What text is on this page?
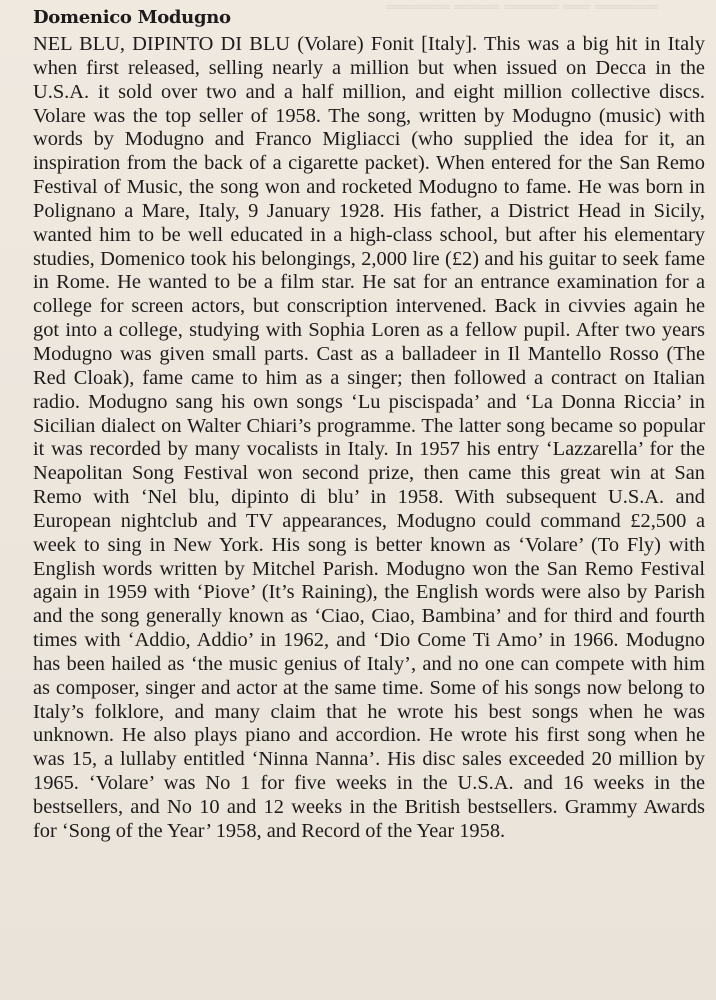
═══════ ═════ ══════ ═══ ═══════
Domenico Modugno

NEL BLU, DIPINTO DI BLU (Volare) Fonit [Italy]. This was a big hit in Italy when first released, selling nearly a million but when issued on Decca in the U.S.A. it sold over two and a half million, and eight million collective discs. Volare was the top seller of 1958. The song, written by Modugno (music) with words by Modugno and Franco Migliacci (who supplied the idea for it, an inspiration from the back of a cigarette packet). When entered for the San Remo Festival of Music, the song won and rocketed Modugno to fame. He was born in Polignano a Mare, Italy, 9 January 1928. His father, a District Head in Sicily, wanted him to be well educated in a high-class school, but after his elementary studies, Domenico took his belongings, 2,000 lire (£2) and his guitar to seek fame in Rome. He wanted to be a film star. He sat for an entrance examination for a college for screen actors, but conscription intervened. Back in civvies again he got into a college, studying with Sophia Loren as a fellow pupil. After two years Modugno was given small parts. Cast as a balladeer in Il Mantello Rosso (The Red Cloak), fame came to him as a singer; then followed a contract on Italian radio. Modugno sang his own songs ‘Lu piscispada’ and ‘La Donna Riccia’ in Sicilian dialect on Walter Chiari’s programme. The latter song became so popular it was recorded by many vocalists in Italy. In 1957 his entry ‘Lazzarella’ for the Neapolitan Song Festival won second prize, then came this great win at San Remo with ‘Nel blu, dipinto di blu’ in 1958. With subsequent U.S.A. and European nightclub and TV appearances, Modugno could command £2,500 a week to sing in New York. His song is better known as ‘Volare’ (To Fly) with English words written by Mitchel Parish. Modugno won the San Remo Festival again in 1959 with ‘Piove’ (It’s Raining), the English words were also by Parish and the song generally known as ‘Ciao, Ciao, Bambina’ and for third and fourth times with ‘Addio, Addio’ in 1962, and ‘Dio Come Ti Amo’ in 1966. Modugno has been hailed as ‘the music genius of Italy’, and no one can compete with him as composer, singer and actor at the same time. Some of his songs now belong to Italy’s folklore, and many claim that he wrote his best songs when he was unknown. He also plays piano and accordion. He wrote his first song when he was 15, a lullaby entitled ‘Ninna Nanna’. His disc sales exceeded 20 million by 1965. ‘Volare’ was No 1 for five weeks in the U.S.A. and 16 weeks in the bestsellers, and No 10 and 12 weeks in the British bestsellers. Grammy Awards for ‘Song of the Year’ 1958, and Record of the Year 1958.
